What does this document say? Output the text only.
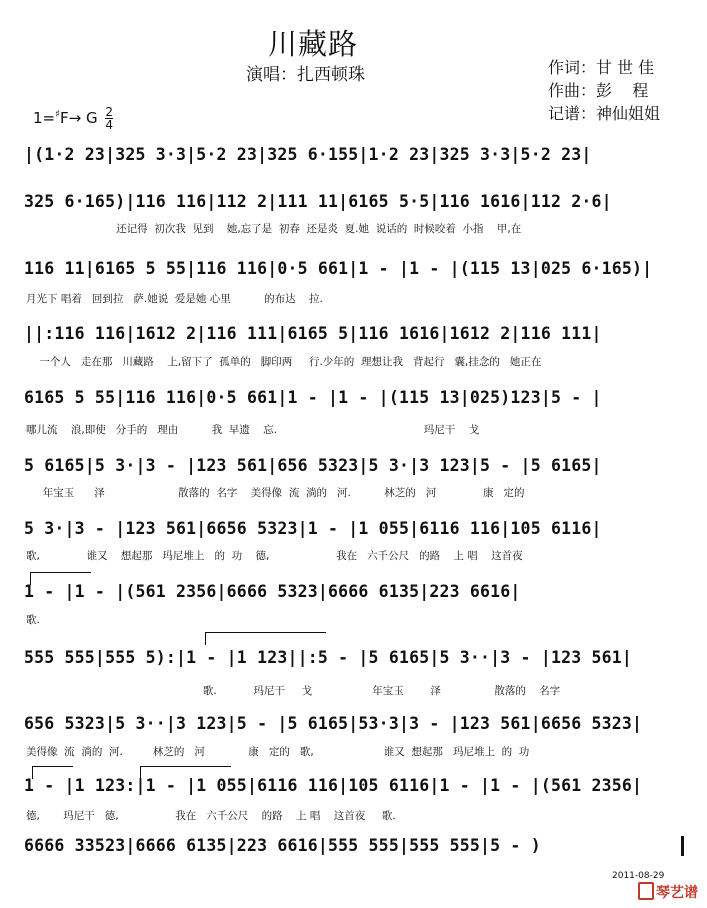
川藏路
演唱：扎西顿珠	作词：甘 世 佳
作曲：彭    程
记谱：神仙姐姐
1=♯F→ G $\frac{2}{4}$
|(1·2 23|325 3·3|5·2 23|325 6·155|1·2 23|325 3·3|5·2 23|
325 6·165)|116 116|112 2|111 11|6165 5·5|116 1616|112 2·6|
还记得  初次我  见到    她,忘了是  初春  还是炎  夏.她  说话的  时候咬着  小指    甲,在
116 11|6165 5 55|116 116|0·5 661|1 - |1 - |(115 13|025 6·165)|
月光下 唱着   回到拉   萨.她说  爱是她 心里          的布达    拉.
||:116 116|1612 2|116 111|6165 5|116 1616|1612 2|116 111|
一个人   走在那   川藏路    上,留下了  孤单的   脚印两     行.少年的  理想让我   背起行   囊,挂念的   她正在
6165 5 55|116 116|0·5 661|1 - |1 - |(115 13|025)123|5 - |
哪儿流    浪,即使   分手的   理由          我  早遗    忘.                                            玛尼干    戈
5 6165|5 3·|3 - |123 561|656 5323|5 3·|3 123|5 - |5 6165|
年宝玉      泽                      散落的  名字    美得像  流  淌的   河.          林芝的   河              康   定的
5 3·|3 - |123 561|6656 5323|1 - |1 055|6116 116|105 6116|
歌,              谁又    想起那   玛尼堆上   的  功    德,                    我在   六千公尺   的路    上 唱    这首夜
1 - |1 - |(561 2356|6666 5323|6666 6135|223 6616|
歌.
555 555|555 5):|1 - |1 123||:5 - |5 6165|5 3··|3 - |123 561|
歌.           玛尼干     戈                  年宝玉        泽                散落的    名字
656 5323|5 3··|3 123|5 - |5 6165|53·3|3 - |123 561|6656 5323|
美得像  流  淌的  河.         林芝的   河             康   定的   歌,                     谁又  想起那   玛尼堆上  的  功
1 - |1 123:|1 - |1 055|6116 116|105 6116|1 - |1 - |(561 2356|
德,       玛尼干   德,                 我在   六千公尺    的路    上 唱    这首夜     歌.
6666 33523|6666 6135|223 6616|555 555|555 555|5 - )
2011-08-29
琴艺谱
